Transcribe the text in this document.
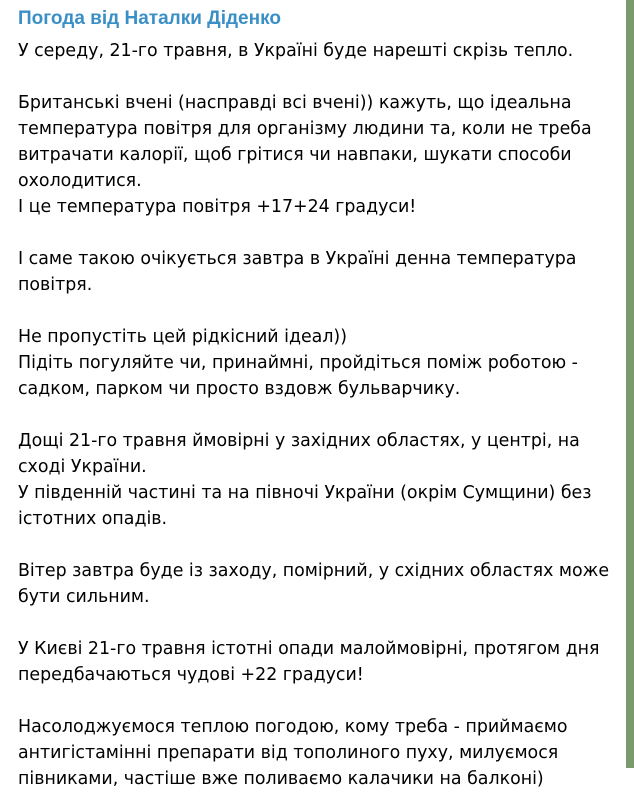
Погода від Наталки Діденко
У середу, 21-го травня, в Україні буде нарешті скрізь тепло.
Британські вчені (насправді всі вчені)) кажуть, що ідеальна
температура повітря для організму людини та, коли не треба
витрачати калорії, щоб грітися чи навпаки, шукати способи
охолодитися.
І це температура повітря +17+24 градуси!
І саме такою очікується завтра в Україні денна температура
повітря.
Не пропустіть цей рідкісний ідеал))
Підіть погуляйте чи, принаймні, пройдіться поміж роботою -
садком, парком чи просто вздовж бульварчику.
Дощі 21-го травня ймовірні у західних областях, у центрі, на
сході України.
У південній частині та на півночі України (окрім Сумщини) без
істотних опадів.
Вітер завтра буде із заходу, помірний, у східних областях може
бути сильним.
У Києві 21-го травня істотні опади малоймовірні, протягом дня
передбачаються чудові +22 градуси!
Насолоджуємося теплою погодою, кому треба - приймаємо
антигістамінні препарати від тополиного пуху, милуємося
півниками, частіше вже поливаємо калачики на балконі)
